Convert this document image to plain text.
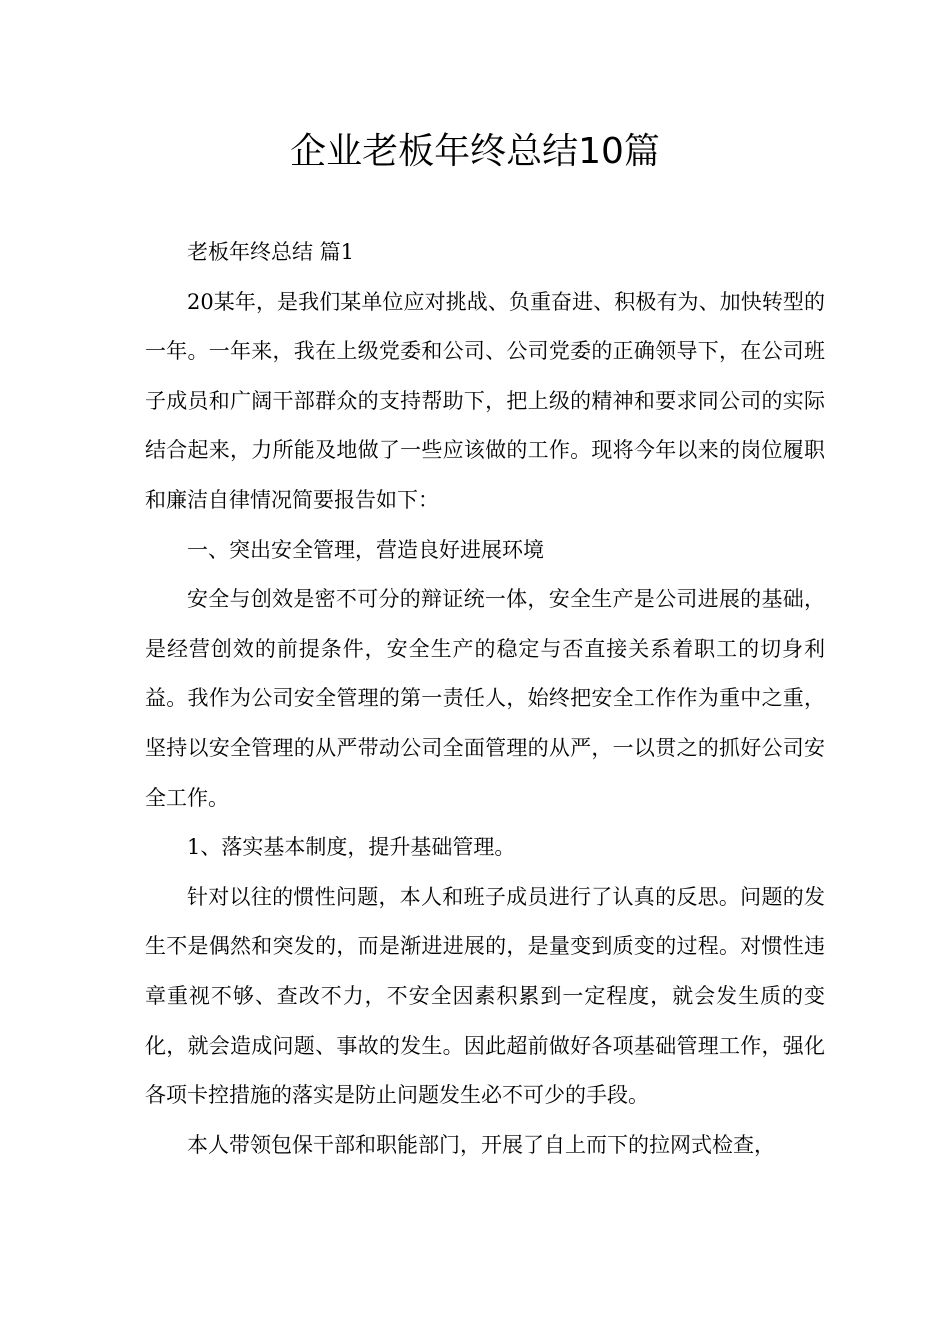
企业老板年终总结10篇

老板年终总结 篇1

20某年，是我们某单位应对挑战、负重奋进、积极有为、加快转型的一年。一年来，我在上级党委和公司、公司党委的正确领导下，在公司班子成员和广阔干部群众的支持帮助下，把上级的精神和要求同公司的实际结合起来，力所能及地做了一些应该做的工作。现将今年以来的岗位履职和廉洁自律情况简要报告如下：

一、突出安全管理，营造良好进展环境

安全与创效是密不可分的辩证统一体，安全生产是公司进展的基础，是经营创效的前提条件，安全生产的稳定与否直接关系着职工的切身利益。我作为公司安全管理的第一责任人，始终把安全工作作为重中之重，坚持以安全管理的从严带动公司全面管理的从严，一以贯之的抓好公司安全工作。

1、落实基本制度，提升基础管理。

针对以往的惯性问题，本人和班子成员进行了认真的反思。问题的发生不是偶然和突发的，而是渐进进展的，是量变到质变的过程。对惯性违章重视不够、查改不力，不安全因素积累到一定程度，就会发生质的变化，就会造成问题、事故的发生。因此超前做好各项基础管理工作，强化各项卡控措施的落实是防止问题发生必不可少的手段。

本人带领包保干部和职能部门，开展了自上而下的拉网式检查，
